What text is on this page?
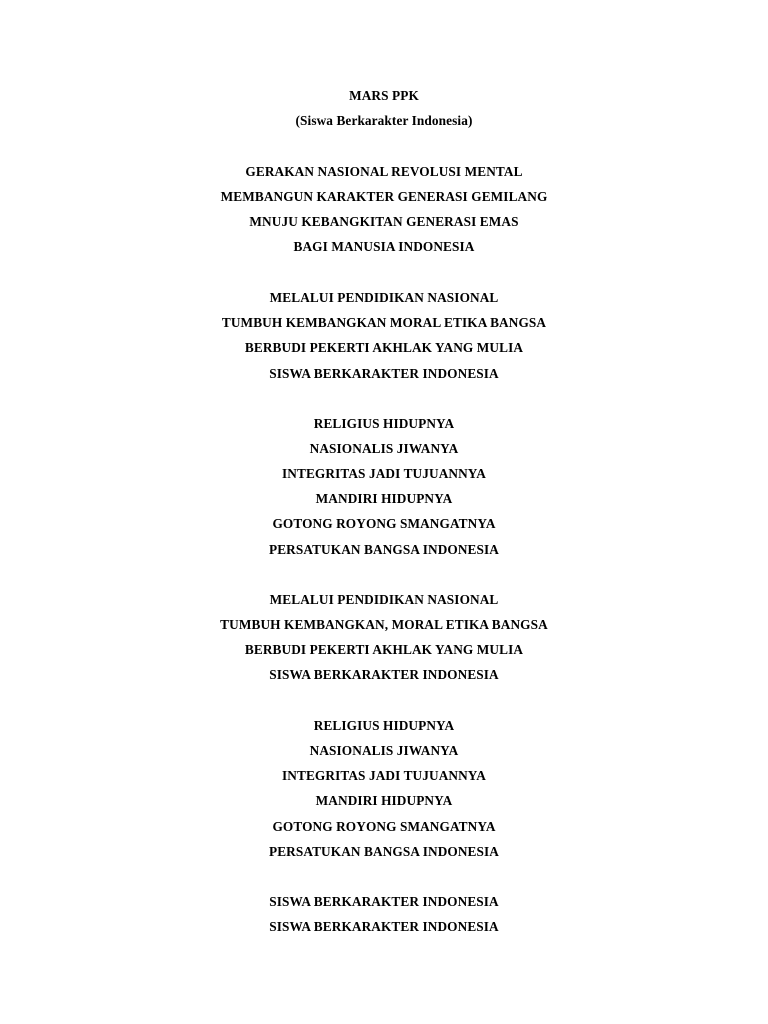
MARS PPK
(Siswa Berkarakter Indonesia)
GERAKAN NASIONAL REVOLUSI MENTAL
MEMBANGUN KARAKTER GENERASI GEMILANG
MNUJU KEBANGKITAN GENERASI EMAS
BAGI MANUSIA INDONESIA
MELALUI PENDIDIKAN NASIONAL
TUMBUH KEMBANGKAN MORAL ETIKA BANGSA
BERBUDI PEKERTI AKHLAK YANG MULIA
SISWA BERKARAKTER INDONESIA
RELIGIUS HIDUPNYA
NASIONALIS JIWANYA
INTEGRITAS JADI TUJUANNYA
MANDIRI HIDUPNYA
GOTONG ROYONG SMANGATNYA
PERSATUKAN BANGSA INDONESIA
MELALUI PENDIDIKAN NASIONAL
TUMBUH KEMBANGKAN, MORAL ETIKA BANGSA
BERBUDI PEKERTI AKHLAK YANG MULIA
SISWA BERKARAKTER INDONESIA
RELIGIUS HIDUPNYA
NASIONALIS JIWANYA
INTEGRITAS JADI TUJUANNYA
MANDIRI HIDUPNYA
GOTONG ROYONG SMANGATNYA
PERSATUKAN BANGSA INDONESIA
SISWA BERKARAKTER INDONESIA
SISWA BERKARAKTER INDONESIA
